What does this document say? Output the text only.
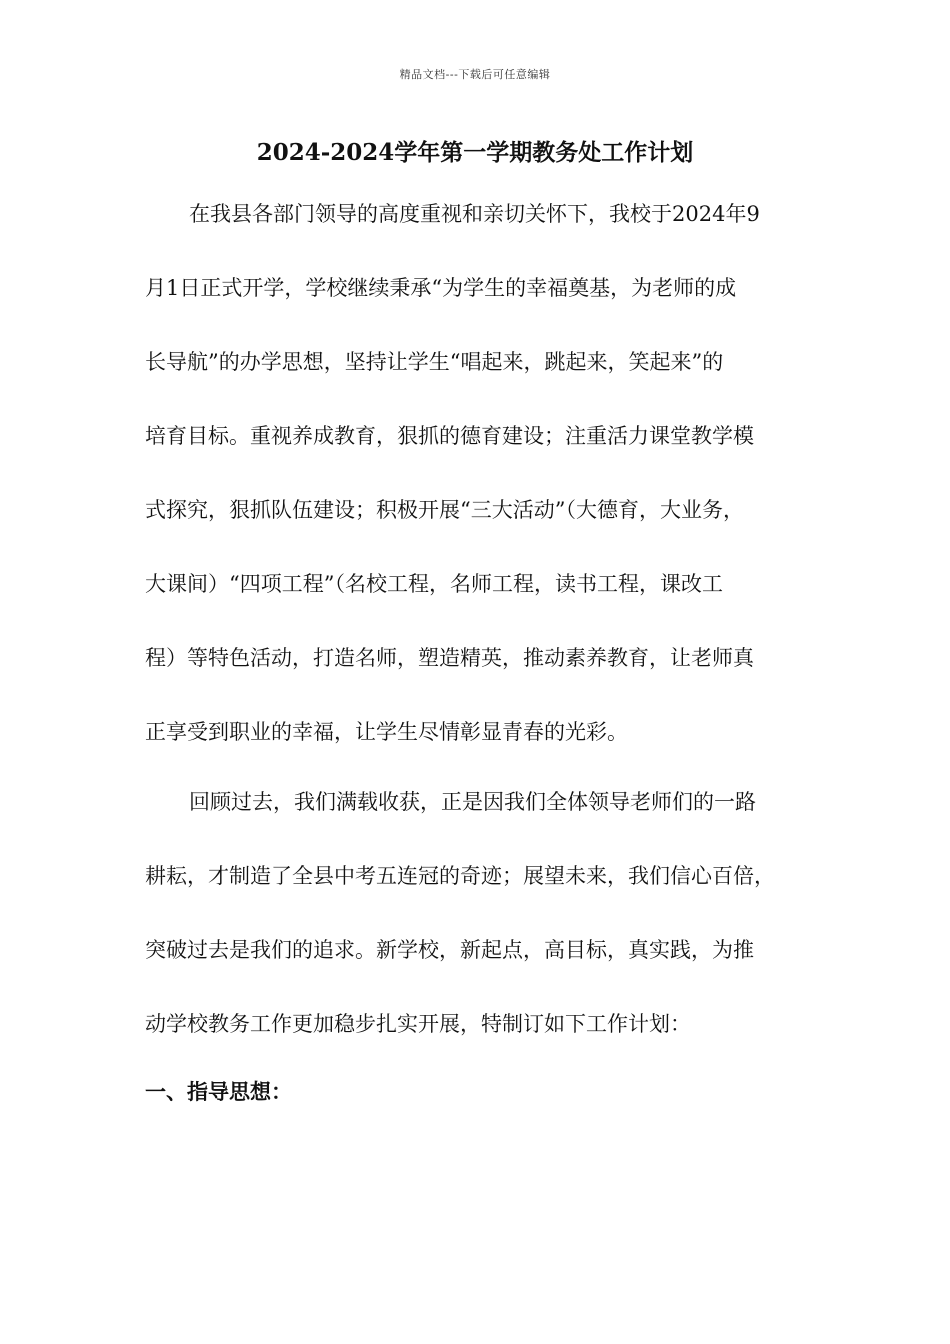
精品文档---下载后可任意编辑
2024-2024学年第一学期教务处工作计划
在我县各部门领导的高度重视和亲切关怀下，我校于2024年9
月1日正式开学，学校继续秉承“为学生的幸福奠基，为老师的成
长导航”的办学思想，坚持让学生“唱起来，跳起来，笑起来”的
培育目标。重视养成教育，狠抓的德育建设；注重活力课堂教学模
式探究，狠抓队伍建设；积极开展“三大活动”（大德育，大业务，
大课间）“四项工程”（名校工程，名师工程，读书工程，课改工
程）等特色活动，打造名师，塑造精英，推动素养教育，让老师真
正享受到职业的幸福，让学生尽情彰显青春的光彩。
回顾过去，我们满载收获，正是因我们全体领导老师们的一路
耕耘，才制造了全县中考五连冠的奇迹；展望未来，我们信心百倍，
突破过去是我们的追求。新学校，新起点，高目标，真实践，为推
动学校教务工作更加稳步扎实开展，特制订如下工作计划：
一、指导思想：
